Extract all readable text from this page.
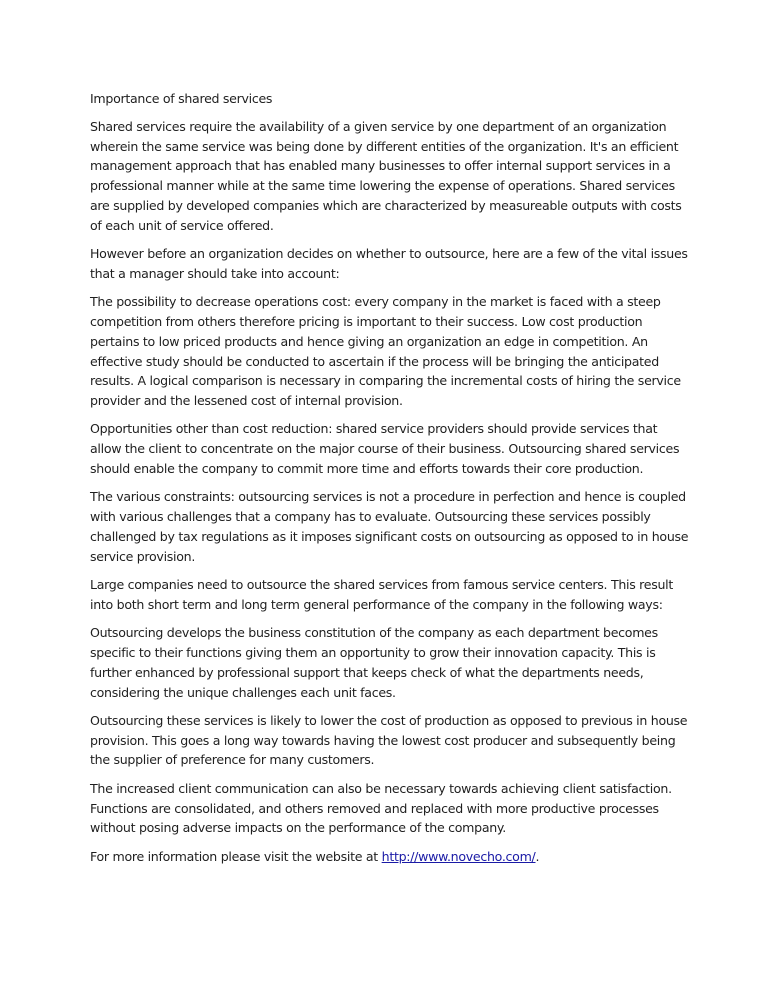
Importance of shared services

Shared services require the availability of a given service by one department of an organization wherein the same service was being done by different entities of the organization. It's an efficient management approach that has enabled many businesses to offer internal support services in a professional manner while at the same time lowering the expense of operations. Shared services are supplied by developed companies which are characterized by measureable outputs with costs of each unit of service offered.

However before an organization decides on whether to outsource, here are a few of the vital issues that a manager should take into account:

The possibility to decrease operations cost: every company in the market is faced with a steep competition from others therefore pricing is important to their success. Low cost production pertains to low priced products and hence giving an organization an edge in competition. An effective study should be conducted to ascertain if the process will be bringing the anticipated results. A logical comparison is necessary in comparing the incremental costs of hiring the service provider and the lessened cost of internal provision.

Opportunities other than cost reduction: shared service providers should provide services that allow the client to concentrate on the major course of their business. Outsourcing shared services should enable the company to commit more time and efforts towards their core production.

The various constraints: outsourcing services is not a procedure in perfection and hence is coupled with various challenges that a company has to evaluate. Outsourcing these services possibly challenged by tax regulations as it imposes significant costs on outsourcing as opposed to in house service provision.

Large companies need to outsource the shared services from famous service centers. This result into both short term and long term general performance of the company in the following ways:

Outsourcing develops the business constitution of the company as each department becomes specific to their functions giving them an opportunity to grow their innovation capacity. This is further enhanced by professional support that keeps check of what the departments needs, considering the unique challenges each unit faces.

Outsourcing these services is likely to lower the cost of production as opposed to previous in house provision. This goes a long way towards having the lowest cost producer and subsequently being the supplier of preference for many customers.

The increased client communication can also be necessary towards achieving client satisfaction. Functions are consolidated, and others removed and replaced with more productive processes without posing adverse impacts on the performance of the company.

For more information please visit the website at http://www.novecho.com/.
